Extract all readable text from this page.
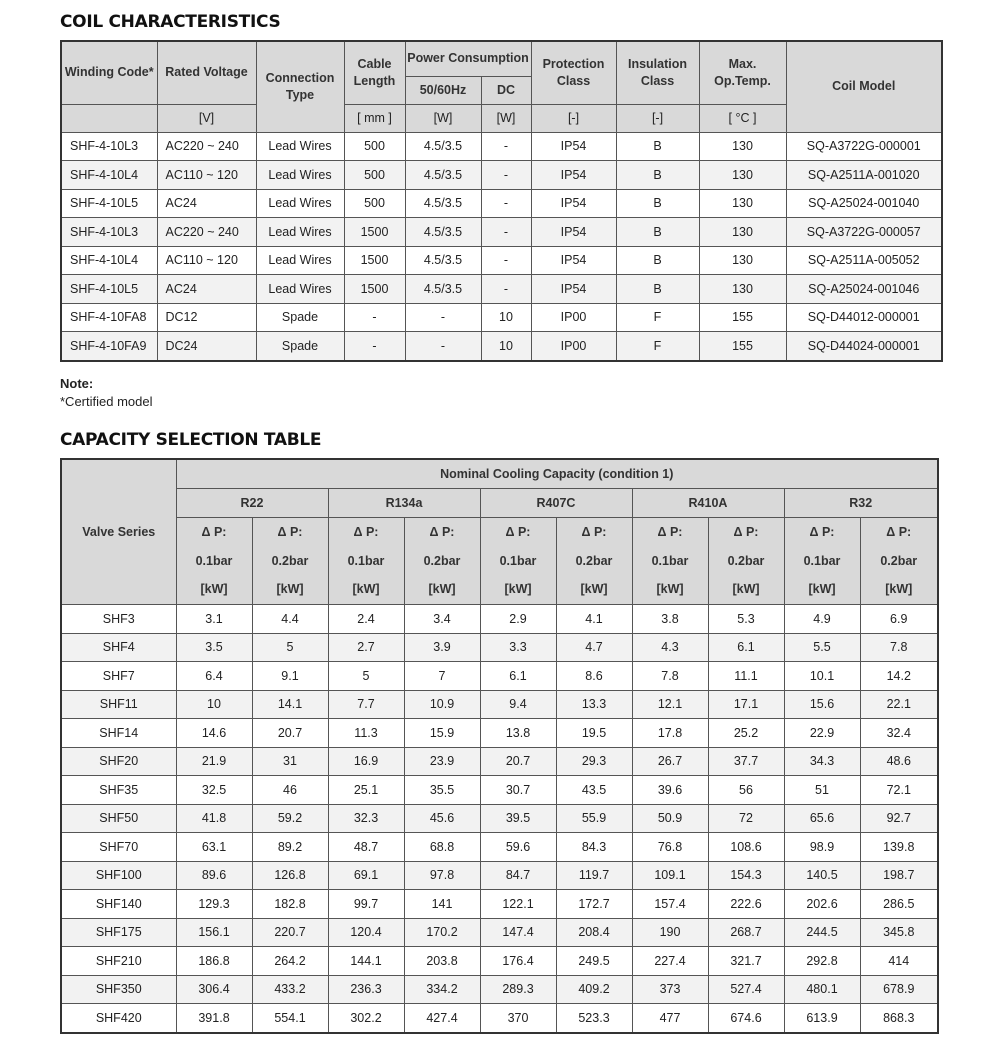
COIL CHARACTERISTICS
Winding Code*	Rated Voltage	Connection Type	Cable Length	Power Consumption		Protection Class	Insulation Class	Max. Op.Temp.	Coil Model
				50/60Hz	DC				
	[V]		[ mm ]	[W]	[W]	[-]	[-]	[ °C ]	
SHF-4-10L3	AC220 ~ 240	Lead Wires	500	4.5/3.5	-	IP54	B	130	SQ-A3722G-000001
SHF-4-10L4	AC110 ~ 120	Lead Wires	500	4.5/3.5	-	IP54	B	130	SQ-A2511A-001020
SHF-4-10L5	AC24	Lead Wires	500	4.5/3.5	-	IP54	B	130	SQ-A25024-001040
SHF-4-10L3	AC220 ~ 240	Lead Wires	1500	4.5/3.5	-	IP54	B	130	SQ-A3722G-000057
SHF-4-10L4	AC110 ~ 120	Lead Wires	1500	4.5/3.5	-	IP54	B	130	SQ-A2511A-005052
SHF-4-10L5	AC24	Lead Wires	1500	4.5/3.5	-	IP54	B	130	SQ-A25024-001046
SHF-4-10FA8	DC12	Spade	-	-	10	IP00	F	155	SQ-D44012-000001
SHF-4-10FA9	DC24	Spade	-	-	10	IP00	F	155	SQ-D44024-000001
Note:
*Certified model
CAPACITY SELECTION TABLE
Valve Series	Nominal Cooling Capacity (condition 1)									
	R22		R134a		R407C		R410A		R32	

	Δ P:
0.1bar
[kW]	Δ P:
0.2bar
[kW]	Δ P:
0.1bar
[kW]	Δ P:
0.2bar
[kW]	Δ P:
0.1bar
[kW]	Δ P:
0.2bar
[kW]	Δ P:
0.1bar
[kW]	Δ P:
0.2bar
[kW]	Δ P:
0.1bar
[kW]	Δ P:
0.2bar
[kW]

SHF3	3.1	4.4	2.4	3.4	2.9	4.1	3.8	5.3	4.9	6.9
SHF4	3.5	5	2.7	3.9	3.3	4.7	4.3	6.1	5.5	7.8
SHF7	6.4	9.1	5	7	6.1	8.6	7.8	11.1	10.1	14.2
SHF11	10	14.1	7.7	10.9	9.4	13.3	12.1	17.1	15.6	22.1
SHF14	14.6	20.7	11.3	15.9	13.8	19.5	17.8	25.2	22.9	32.4
SHF20	21.9	31	16.9	23.9	20.7	29.3	26.7	37.7	34.3	48.6
SHF35	32.5	46	25.1	35.5	30.7	43.5	39.6	56	51	72.1
SHF50	41.8	59.2	32.3	45.6	39.5	55.9	50.9	72	65.6	92.7
SHF70	63.1	89.2	48.7	68.8	59.6	84.3	76.8	108.6	98.9	139.8
SHF100	89.6	126.8	69.1	97.8	84.7	119.7	109.1	154.3	140.5	198.7
SHF140	129.3	182.8	99.7	141	122.1	172.7	157.4	222.6	202.6	286.5
SHF175	156.1	220.7	120.4	170.2	147.4	208.4	190	268.7	244.5	345.8
SHF210	186.8	264.2	144.1	203.8	176.4	249.5	227.4	321.7	292.8	414
SHF350	306.4	433.2	236.3	334.2	289.3	409.2	373	527.4	480.1	678.9
SHF420	391.8	554.1	302.2	427.4	370	523.3	477	674.6	613.9	868.3
